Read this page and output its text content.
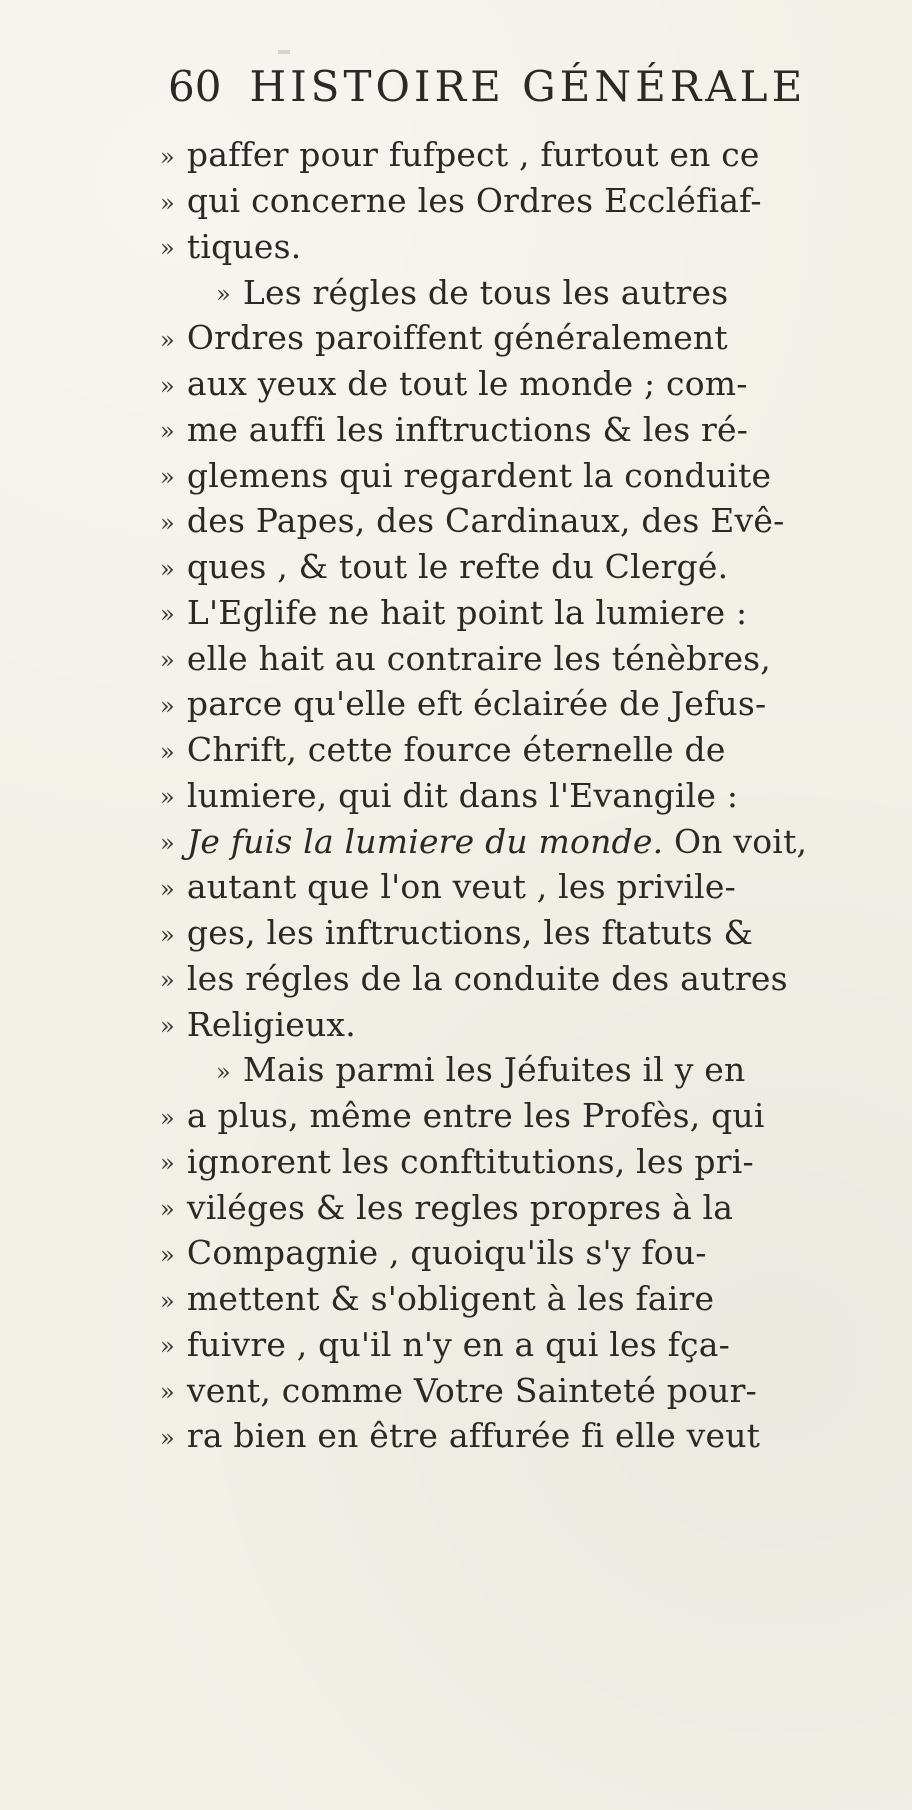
60 HISTOIRE GÉNÉRALE
» paffer pour fufpect , furtout en ce
» qui concerne les Ordres Eccléfiaf-
» tiques.
» Les régles de tous les autres
» Ordres paroiffent généralement
» aux yeux de tout le monde ; com-
» me auffi les inftructions & les ré-
» glemens qui regardent la conduite
» des Papes, des Cardinaux, des Evê-
» ques , & tout le refte du Clergé.
» L'Eglife ne hait point la lumiere :
» elle hait au contraire les ténèbres,
» parce qu'elle eft éclairée de Jefus-
» Chrift, cette fource éternelle de
» lumiere, qui dit dans l'Evangile :
» Je fuis la lumiere du monde. On voit,
» autant que l'on veut , les privile-
» ges, les inftructions, les ftatuts &
» les régles de la conduite des autres
» Religieux.
» Mais parmi les Jéfuites il y en
» a plus, même entre les Profès, qui
» ignorent les conftitutions, les pri-
» viléges & les regles propres à la
» Compagnie , quoiqu'ils s'y fou-
» mettent & s'obligent à les faire
» fuivre , qu'il n'y en a qui les fça-
» vent, comme Votre Sainteté pour-
» ra bien en être affurée fi elle veut
